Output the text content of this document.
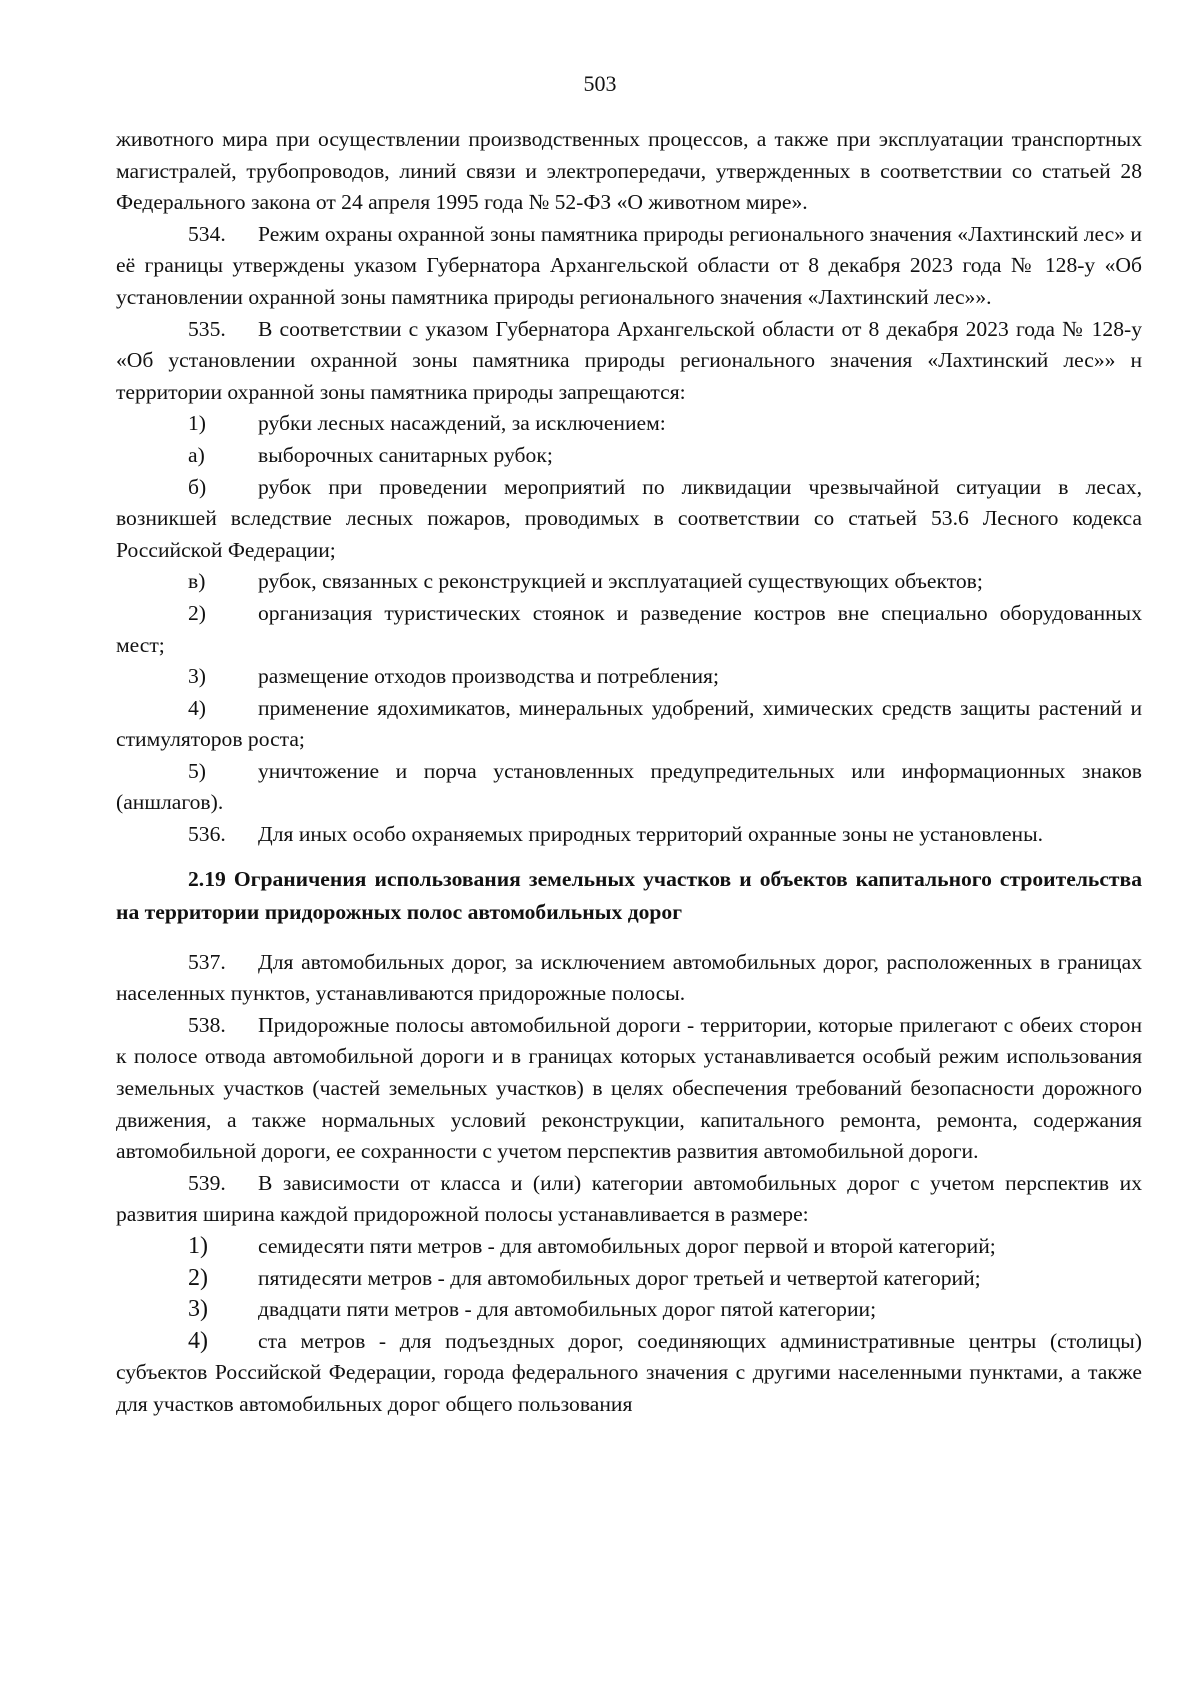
503

животного мира при осуществлении производственных процессов, а также при эксплуатации транспортных магистралей, трубопроводов, линий связи и электропередачи, утвержденных в соответствии со статьей 28 Федерального закона от 24 апреля 1995 года № 52-ФЗ «О животном мире».

534. Режим охраны охранной зоны памятника природы регионального значения «Лахтинский лес» и её границы утверждены указом Губернатора Архангельской области от 8 декабря 2023 года № 128-у «Об установлении охранной зоны памятника природы регионального значения «Лахтинский лес»».

535. В соответствии с указом Губернатора Архангельской области от 8 декабря 2023 года № 128-у «Об установлении охранной зоны памятника природы регионального значения «Лахтинский лес»» н территории охранной зоны памятника природы запрещаются:

1) рубки лесных насаждений, за исключением:

а) выборочных санитарных рубок;

б) рубок при проведении мероприятий по ликвидации чрезвычайной ситуации в лесах, возникшей вследствие лесных пожаров, проводимых в соответствии со статьей 53.6 Лесного кодекса Российской Федерации;

в) рубок, связанных с реконструкцией и эксплуатацией существующих объектов;

2) организация туристических стоянок и разведение костров вне специально оборудованных мест;

3) размещение отходов производства и потребления;

4) применение ядохимикатов, минеральных удобрений, химических средств защиты растений и стимуляторов роста;

5) уничтожение и порча установленных предупредительных или информационных знаков (аншлагов).

536. Для иных особо охраняемых природных территорий охранные зоны не установлены.

2.19 Ограничения использования земельных участков и объектов капитального строительства на территории придорожных полос автомобильных дорог

537. Для автомобильных дорог, за исключением автомобильных дорог, расположенных в границах населенных пунктов, устанавливаются придорожные полосы.

538. Придорожные полосы автомобильной дороги - территории, которые прилегают с обеих сторон к полосе отвода автомобильной дороги и в границах которых устанавливается особый режим использования земельных участков (частей земельных участков) в целях обеспечения требований безопасности дорожного движения, а также нормальных условий реконструкции, капитального ремонта, ремонта, содержания автомобильной дороги, ее сохранности с учетом перспектив развития автомобильной дороги.

539. В зависимости от класса и (или) категории автомобильных дорог с учетом перспектив их развития ширина каждой придорожной полосы устанавливается в размере:

1) семидесяти пяти метров - для автомобильных дорог первой и второй категорий;

2) пятидесяти метров - для автомобильных дорог третьей и четвертой категорий;

3) двадцати пяти метров - для автомобильных дорог пятой категории;

4) ста метров - для подъездных дорог, соединяющих административные центры (столицы) субъектов Российской Федерации, города федерального значения с другими населенными пунктами, а также для участков автомобильных дорог общего пользования
